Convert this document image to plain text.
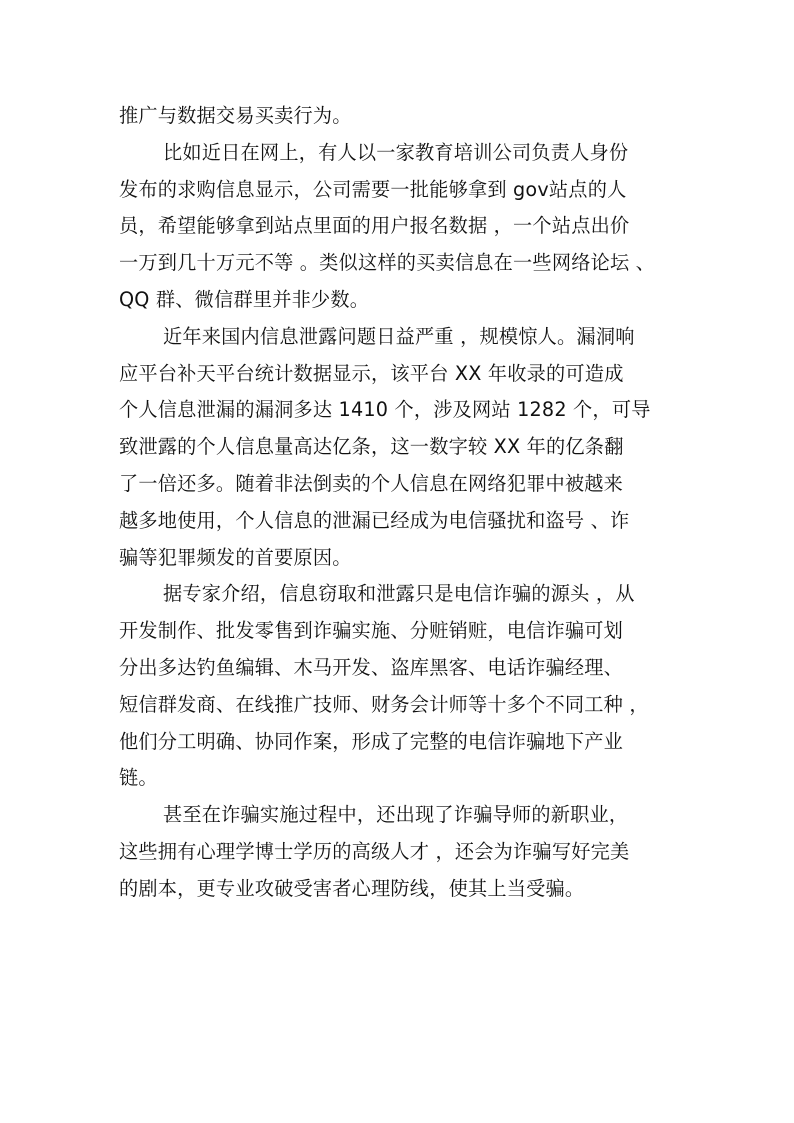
推广与数据交易买卖行为。
比如近日在网上，有人以一家教育培训公司负责人身份
发布的求购信息显示，公司需要一批能够拿到 gov站点的人
员，希望能够拿到站点里面的用户报名数据 ，一个站点出价
一万到几十万元不等 。类似这样的买卖信息在一些网络论坛 、
QQ 群、微信群里并非少数。
近年来国内信息泄露问题日益严重 ，规模惊人。漏洞响
应平台补天平台统计数据显示，该平台 XX 年收录的可造成
个人信息泄漏的漏洞多达 1410 个，涉及网站 1282 个，可导
致泄露的个人信息量高达亿条，这一数字较 XX 年的亿条翻
了一倍还多。随着非法倒卖的个人信息在网络犯罪中被越来
越多地使用，个人信息的泄漏已经成为电信骚扰和盗号 、诈
骗等犯罪频发的首要原因。
据专家介绍，信息窃取和泄露只是电信诈骗的源头 ，从
开发制作、批发零售到诈骗实施、分赃销赃，电信诈骗可划
分出多达钓鱼编辑、木马开发、盗库黑客、电话诈骗经理、
短信群发商、在线推广技师、财务会计师等十多个不同工种 ，
他们分工明确、协同作案，形成了完整的电信诈骗地下产业
链。
甚至在诈骗实施过程中，还出现了诈骗导师的新职业，
这些拥有心理学博士学历的高级人才 ，还会为诈骗写好完美
的剧本，更专业攻破受害者心理防线，使其上当受骗。
